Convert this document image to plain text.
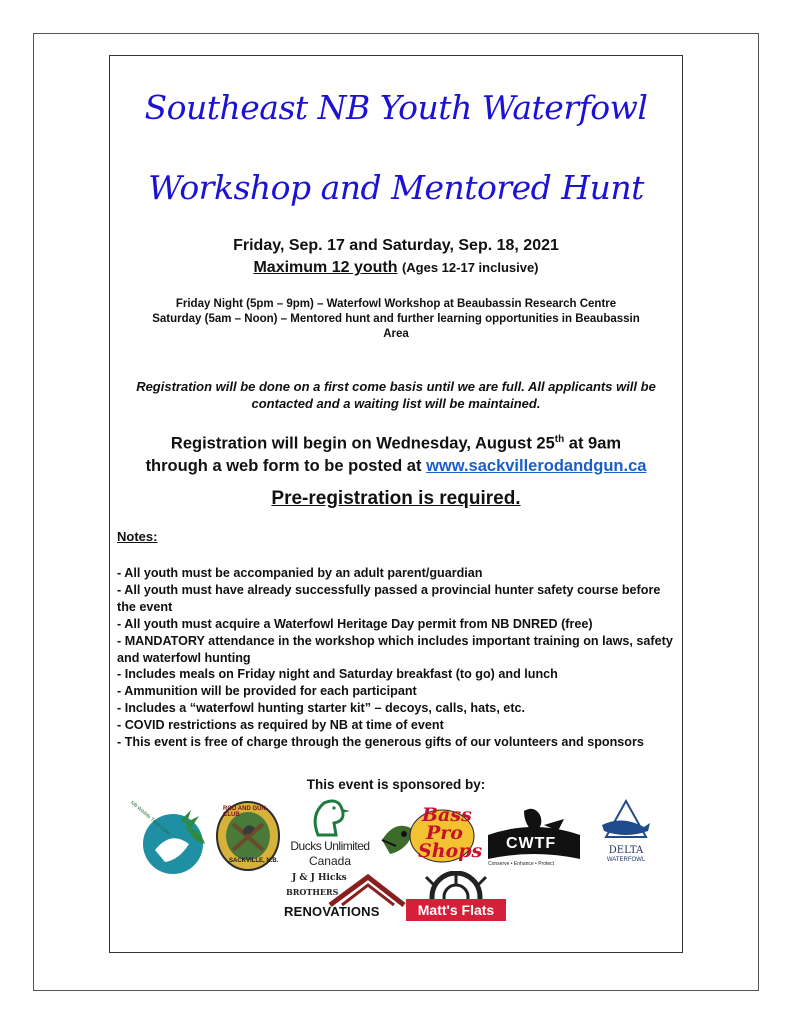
Southeast NB Youth Waterfowl
Workshop and Mentored Hunt
Friday, Sep. 17 and Saturday, Sep. 18, 2021
Maximum 12 youth (Ages 12-17 inclusive)
Friday Night (5pm – 9pm) – Waterfowl Workshop at Beaubassin Research Centre
Saturday (5am – Noon) – Mentored hunt and further learning opportunities in Beaubassin Area
Registration will be done on a first come basis until we are full. All applicants will be contacted and a waiting list will be maintained.
Registration will begin on Wednesday, August 25th at 9am
through a web form to be posted at www.sackvillerodandgun.ca
Pre-registration is required.
Notes:
- All youth must be accompanied by an adult parent/guardian
- All youth must have already successfully passed a provincial hunter safety course before the event
- All youth must acquire a Waterfowl Heritage Day permit from NB DNRED (free)
- MANDATORY attendance in the workshop which includes important training on laws, safety and waterfowl hunting
- Includes meals on Friday night and Saturday breakfast (to go) and lunch
- Ammunition will be provided for each participant
- Includes a “waterfowl hunting starter kit” – decoys, calls, hats, etc.
- COVID restrictions as required by NB at time of event
- This event is free of charge through the generous gifts of our volunteers and sponsors
This event is sponsored by:
NB Wildlife Trust Fund	ROD AND GUN CLUB
SACKVILLE, N.B.
Ducks Unlimited
Canada
Bass
Pro
Shops CWTF
Conserve • Enhance • Protect
DELTA
WATERFOWL
J & J Hicks
BROTHERS
RENOVATIONS	Matt's Flats
